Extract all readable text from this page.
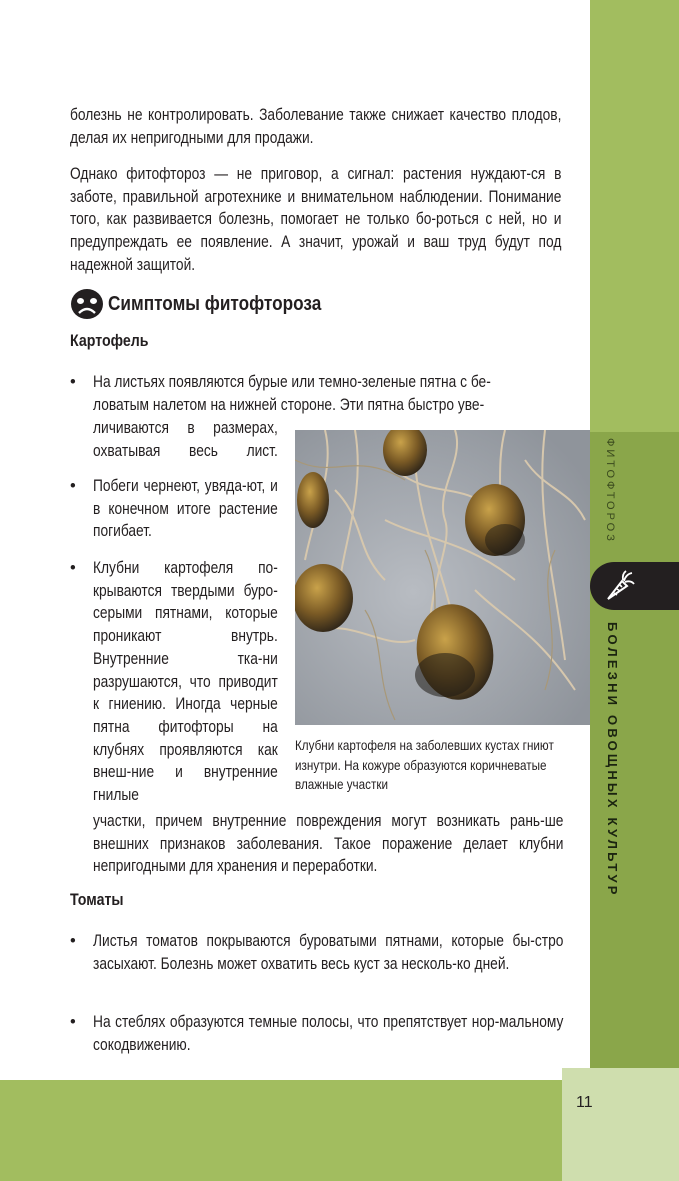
ФИТОФТОРОЗ
БОЛЕЗНИ ОВОЩНЫХ КУЛЬТУР
11

болезнь не контролировать. Заболевание также снижает качество плодов, делая их непригодными для продажи.

Однако фитофтороз — не приговор, а сигнал: растения нуждают-ся в заботе, правильной агротехнике и внимательном наблюдении. Понимание того, как развивается болезнь, помогает не только бо-роться с ней, но и предупреждать ее появление. А значит, урожай и ваш труд будут под надежной защитой.

Симптомы фитофтороза
Картофель
• На листьях появляются бурые или темно-зеленые пятна с бе-
ловатым налетом на нижней стороне. Эти пятна быстро уве-
личиваются в размерах, охватывая весь лист.
• Побеги чернеют, увяда-ют, и в конечном итоге растение погибает.
• Клубни картофеля по-крываются твердыми буро-серыми пятнами, которые проникают внутрь. Внутренние тка-ни разрушаются, что приводит к гниению. Иногда черные пятна фитофторы на клубнях проявляются как внеш-ние и внутренние гнилые

участки, причем внутренние повреждения могут возникать рань-ше внешних признаков заболевания. Такое поражение делает клубни непригодными для хранения и переработки.

Клубни картофеля на заболевших кустах гниют изнутри. На кожуре образуются коричневатые влажные участки
Томаты
• Листья томатов покрываются буроватыми пятнами, которые бы-стро засыхают. Болезнь может охватить весь куст за несколь-ко дней.

• На стеблях образуются темные полосы, что препятствует нор-мальному сокодвижению.
